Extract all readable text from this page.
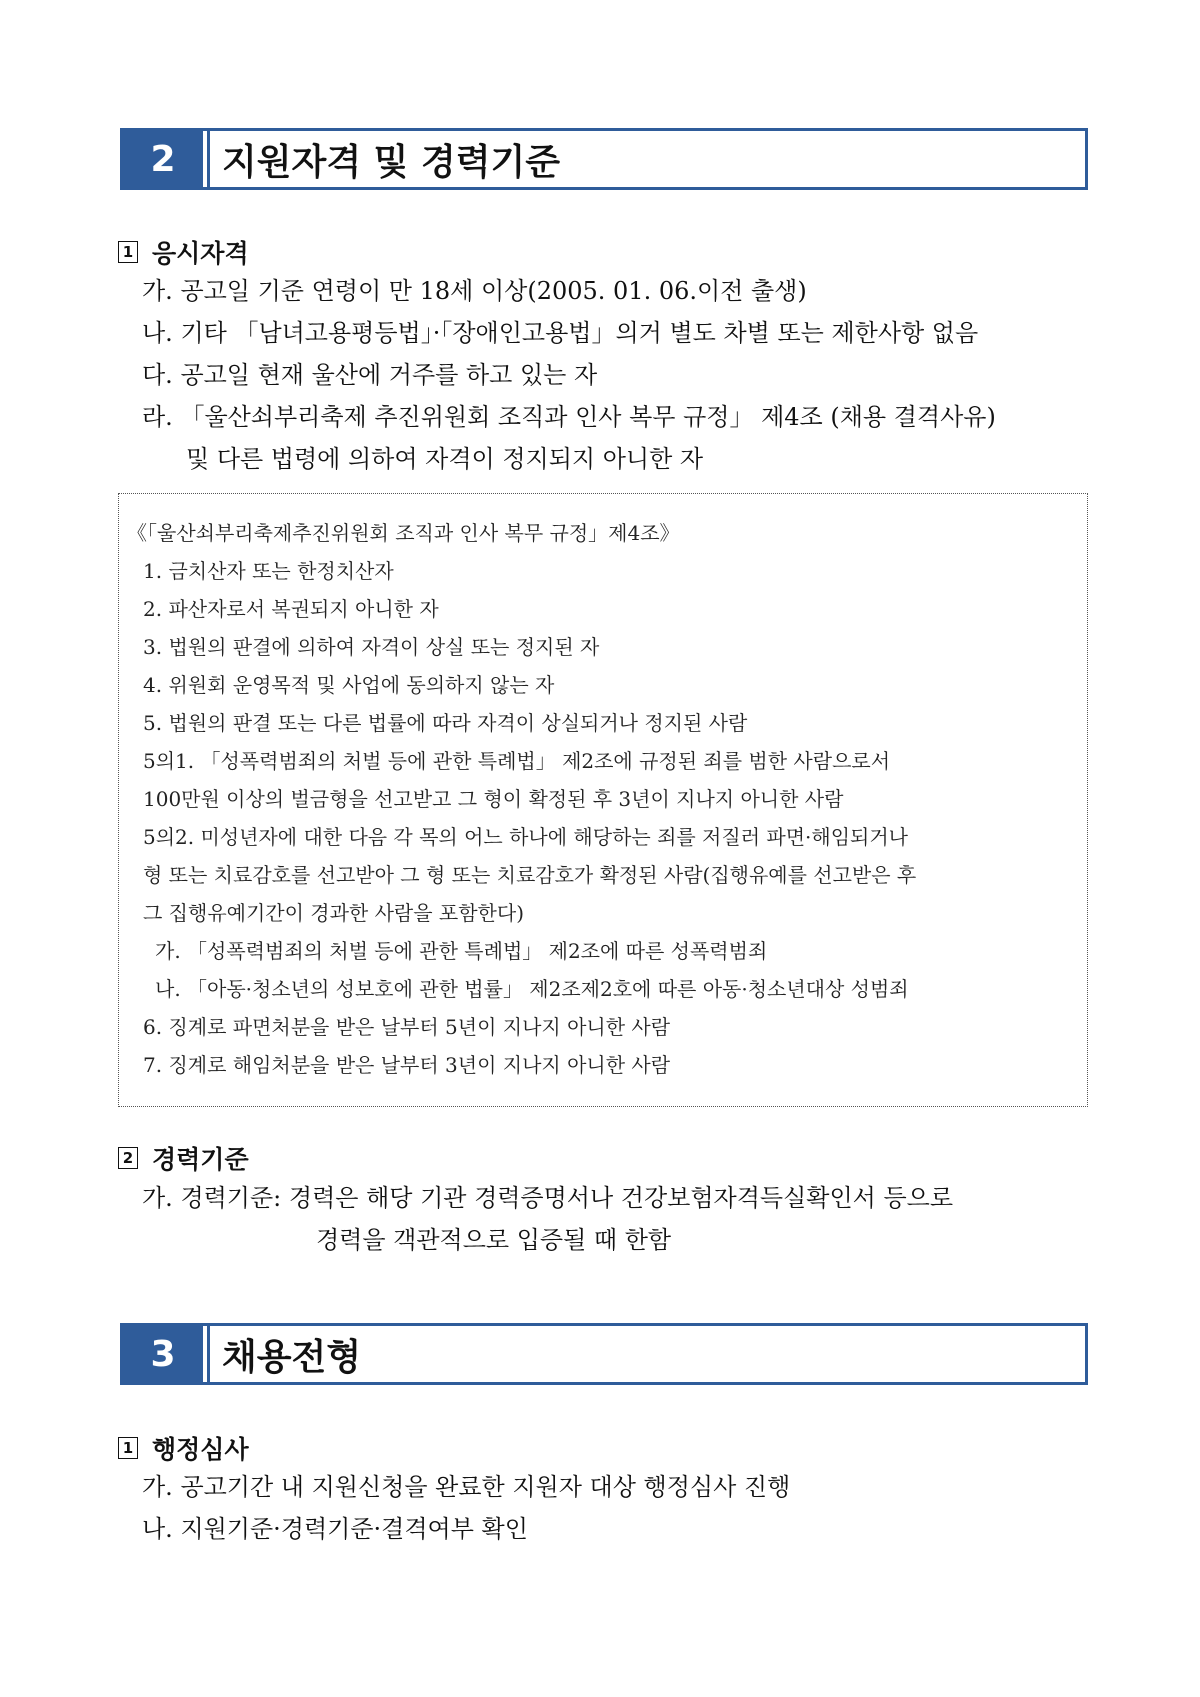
2	지원자격 및 경력기준
1 응시자격
가. 공고일 기준 연령이 만 18세 이상(2005. 01. 06.이전 출생)
나. 기타 「남녀고용평등법」·「장애인고용법」의거 별도 차별 또는 제한사항 없음
다. 공고일 현재 울산에 거주를 하고 있는 자
라. 「울산쇠부리축제 추진위원회 조직과 인사 복무 규정」 제4조 (채용 결격사유)
및 다른 법령에 의하여 자격이 정지되지 아니한 자
《「울산쇠부리축제추진위원회 조직과 인사 복무 규정」제4조》
1. 금치산자 또는 한정치산자
2. 파산자로서 복권되지 아니한 자
3. 법원의 판결에 의하여 자격이 상실 또는 정지된 자
4. 위원회 운영목적 및 사업에 동의하지 않는 자
5. 법원의 판결 또는 다른 법률에 따라 자격이 상실되거나 정지된 사람
5의1. 「성폭력범죄의 처벌 등에 관한 특례법」 제2조에 규정된 죄를 범한 사람으로서
100만원 이상의 벌금형을 선고받고 그 형이 확정된 후 3년이 지나지 아니한 사람
5의2. 미성년자에 대한 다음 각 목의 어느 하나에 해당하는 죄를 저질러 파면·해임되거나
형 또는 치료감호를 선고받아 그 형 또는 치료감호가 확정된 사람(집행유예를 선고받은 후
그 집행유예기간이 경과한 사람을 포함한다)
가. 「성폭력범죄의 처벌 등에 관한 특례법」 제2조에 따른 성폭력범죄
나. 「아동·청소년의 성보호에 관한 법률」 제2조제2호에 따른 아동·청소년대상 성범죄
6. 징계로 파면처분을 받은 날부터 5년이 지나지 아니한 사람
7. 징계로 해임처분을 받은 날부터 3년이 지나지 아니한 사람
2 경력기준
가. 경력기준: 경력은 해당 기관 경력증명서나 건강보험자격득실확인서 등으로
경력을 객관적으로 입증될 때 한함
3	채용전형
1 행정심사
가. 공고기간 내 지원신청을 완료한 지원자 대상 행정심사 진행
나. 지원기준·경력기준·결격여부 확인
